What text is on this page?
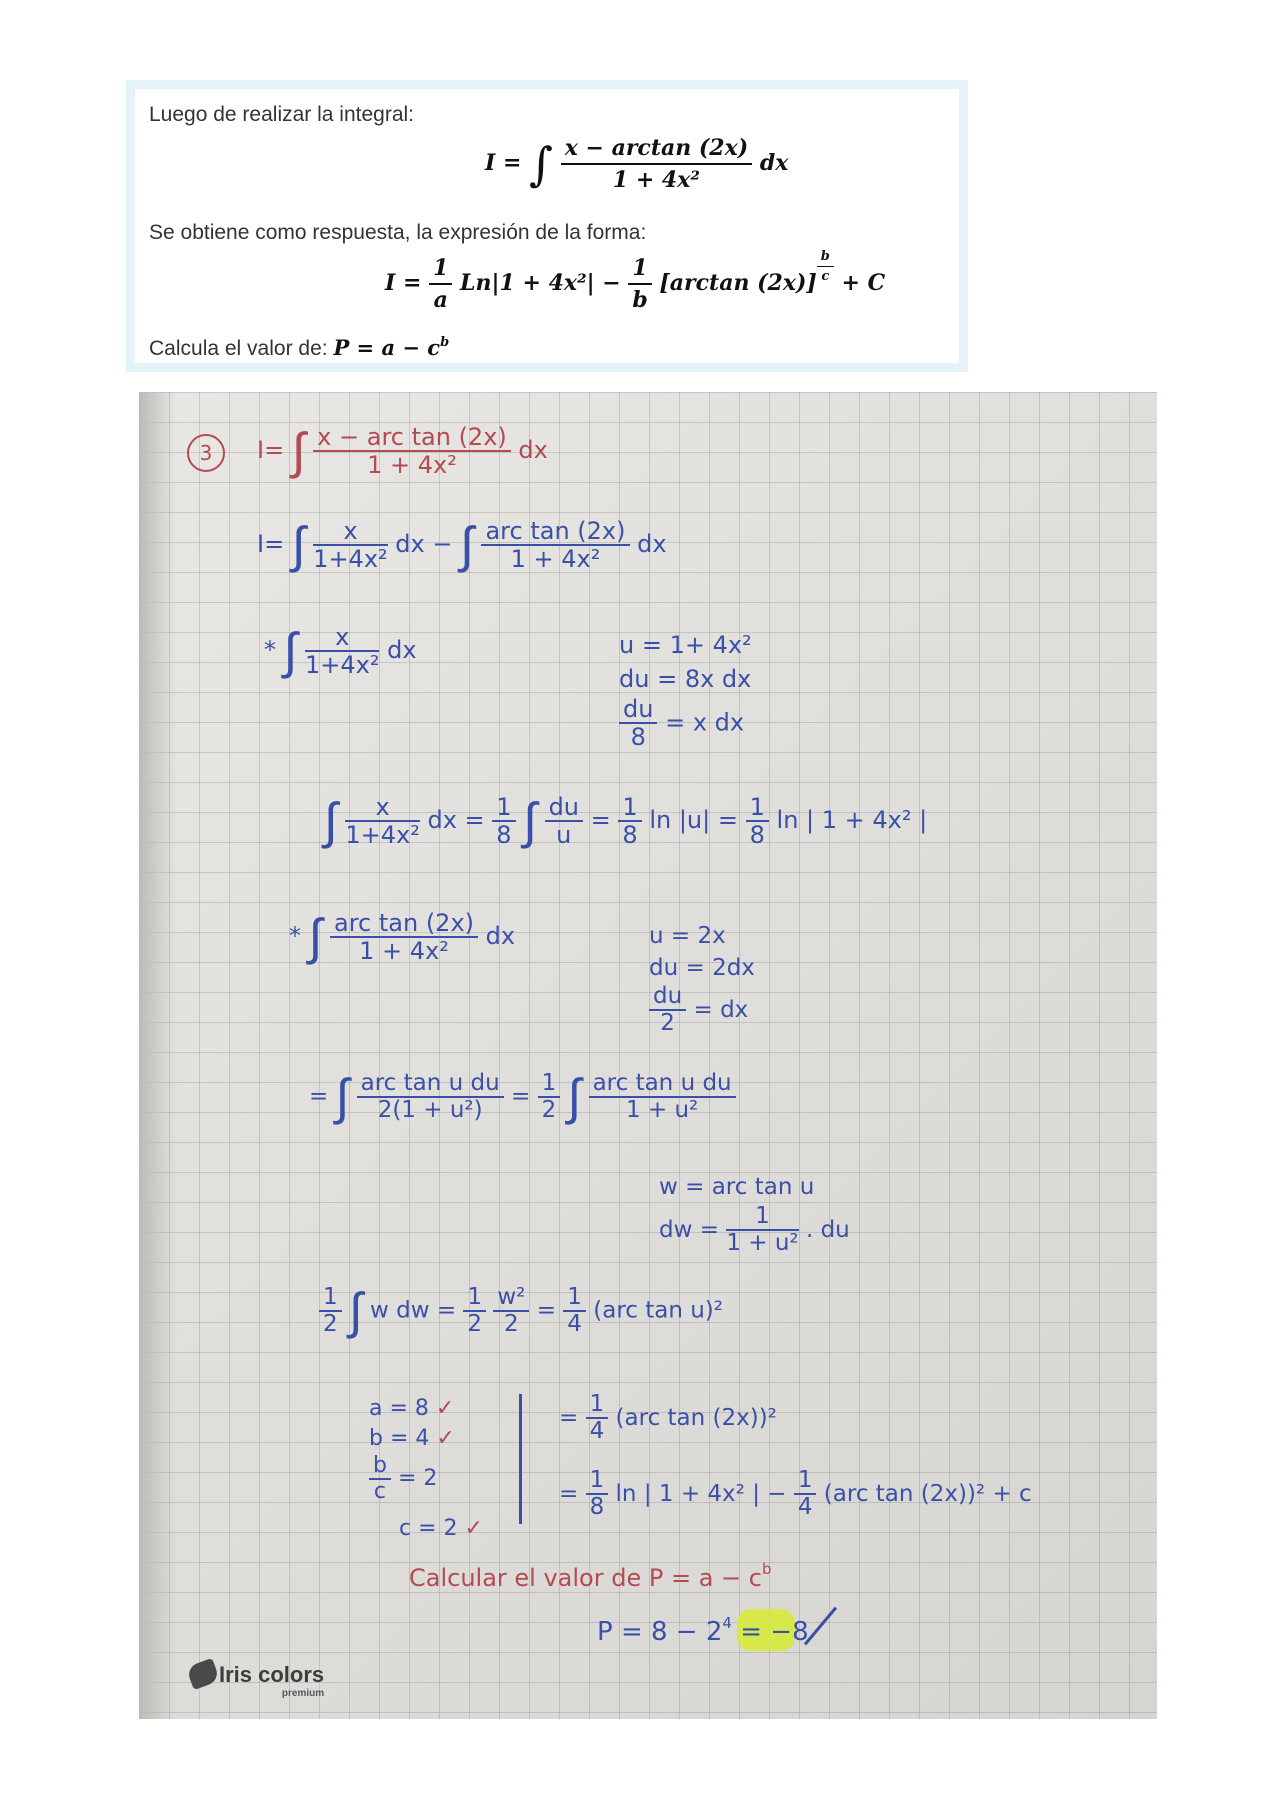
Luego de realizar la integral:
I = ∫ $\frac{x - \arctan (2x)}{\text{1 + 4x²}}$ dx
Se obtiene como respuesta, la expresión de la forma:
$I = \frac{1}{a} Ln|1 + 4x^2| - \frac{1}{b} [\arctan$ $(2x)] \frac{b}{c} + C$
Calcula el valor de: $P = a - c^b$
3	I= ∫ x − arc tan (2x)
1 + 4x²
dx
I= ∫ $\frac{x}{\text{1+4x²}}$ dx − ∫ arc tan (2x)
1 + 4x²
dx
* ∫ $\frac{x}{\text{1+4x²}}$ dx	u = 1+ 4x²
du = 8x dx
$\frac{du}{8} = x$ dx
∫ $\frac{x}{\text{1+4x²}}$ dx = $\frac{1}{8}$ ∫ $\frac{du}{u} = \frac{1}{8}$ $\ln |u| = \frac{1}{8}$ ln | 1 + 4x² |
* ∫ arc tan (2x)
1 + 4x²
dx	u = 2x
du = 2dx
$\frac{du}{2}$ = dx
= ∫ arc tan u du
2(1 + u²)
= $\frac{1}{2}$ ∫ arc tan u du
1 + u²
w = arc tan u
dw = $\frac{1}{\text{1 + u²}}$ . du
$\frac{1}{2}$ ∫ w dw = $\frac{1}{2}$
$\frac{\text{w²}}{2} = \frac{1}{4} (arc$ tan u)²
a = 8 ✓
b = 4 ✓
$\frac{b}{c} = 2$
c = 2 ✓
= $\frac{1}{4} (arc$ tan (2x))²
= $\frac{1}{8}$ ln | 1 + 4x² | − $\frac{1}{4} (arc$ tan (2x))² + c
Calcular el valor de $P = a - c^b$
$P = 8 - 2^4 = -8$
Iris colors
premium
